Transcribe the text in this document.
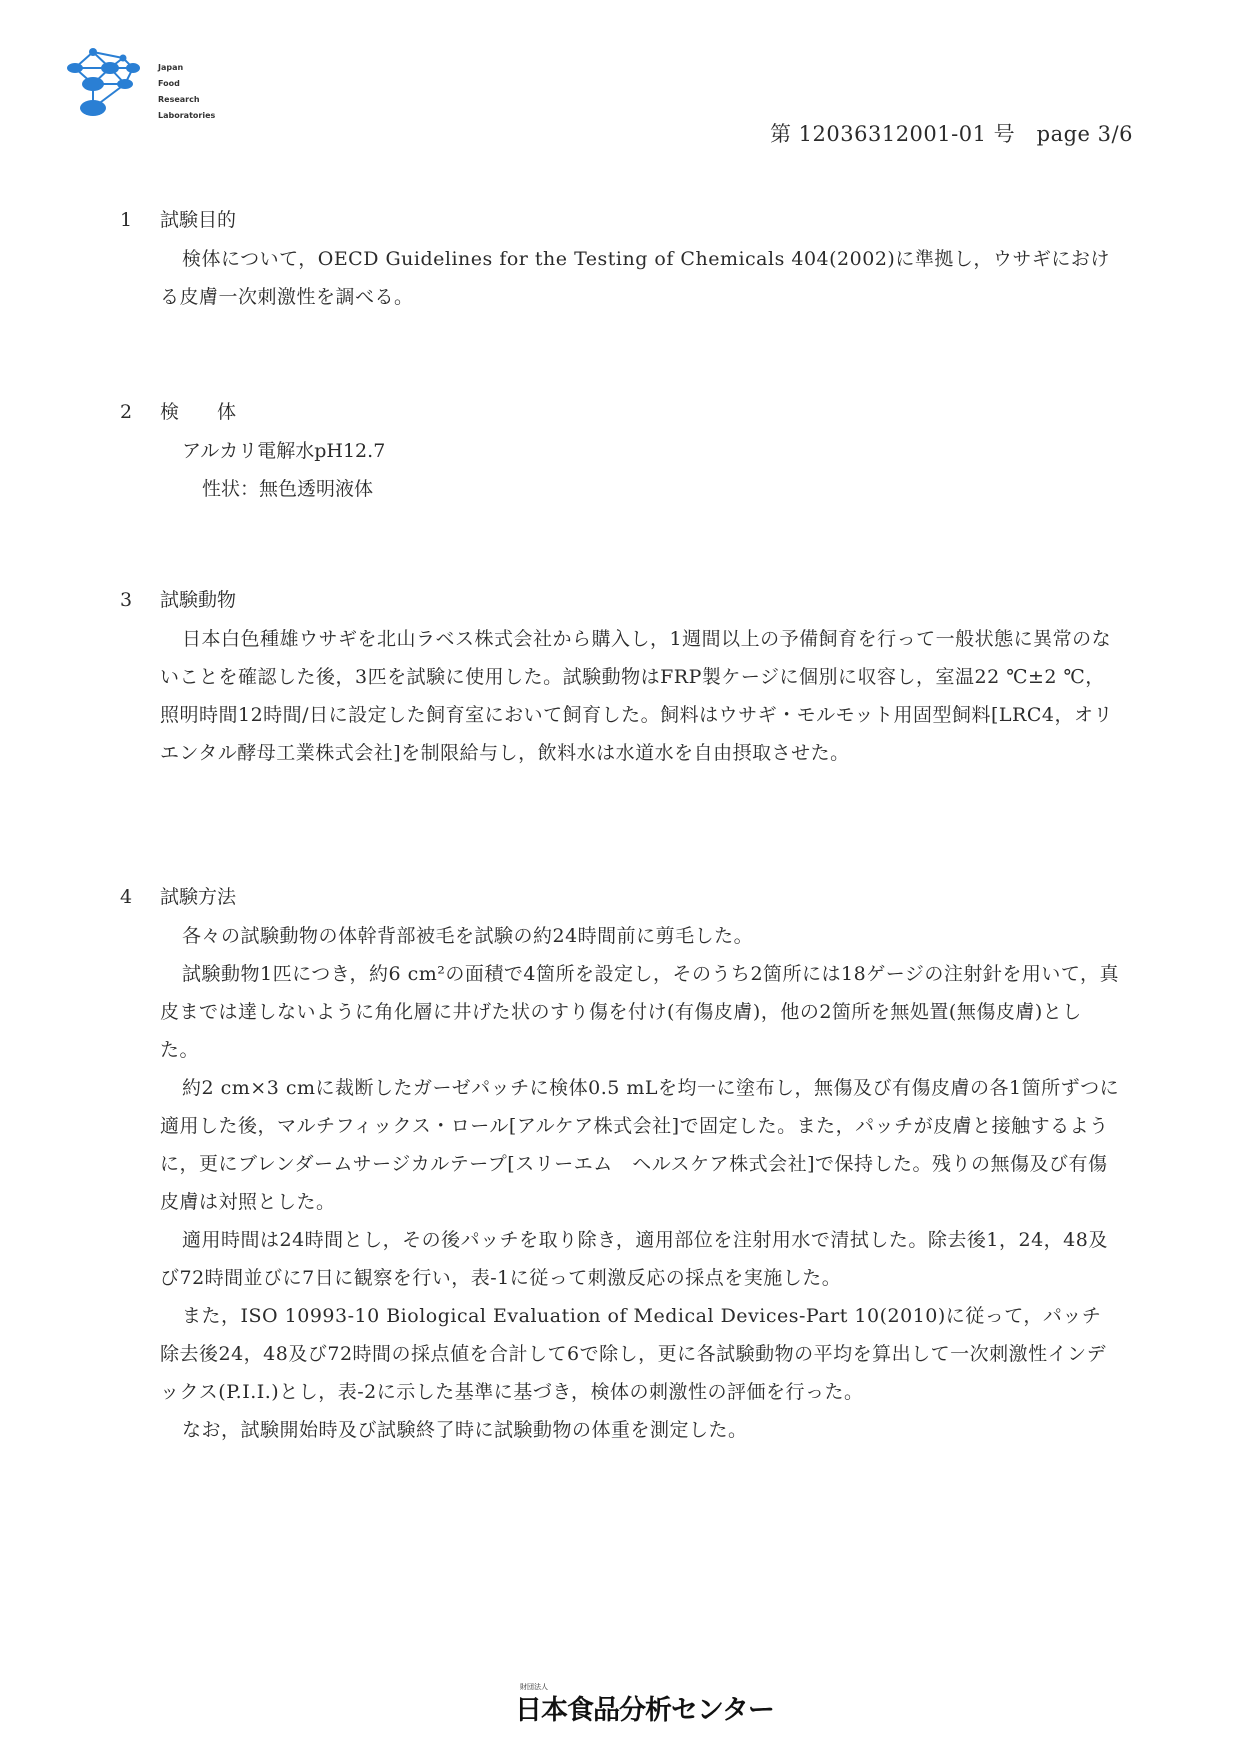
Japan
Food
Research
Laboratories
第 12036312001-01 号　page 3/6
1 試験目的

検体について，OECD Guidelines for the Testing of Chemicals 404(2002)に準拠し，ウサギにおける皮膚一次刺激性を調べる。

2 検　　体

アルカリ電解水pH12.7

性状：無色透明液体

3 試験動物

日本白色種雄ウサギを北山ラベス株式会社から購入し，1週間以上の予備飼育を行って一般状態に異常のないことを確認した後，3匹を試験に使用した。試験動物はFRP製ケージに個別に収容し，室温22 ℃±2 ℃，照明時間12時間/日に設定した飼育室において飼育した。飼料はウサギ・モルモット用固型飼料[LRC4，オリエンタル酵母工業株式会社]を制限給与し，飲料水は水道水を自由摂取させた。

4 試験方法

各々の試験動物の体幹背部被毛を試験の約24時間前に剪毛した。

試験動物1匹につき，約6 cm²の面積で4箇所を設定し，そのうち2箇所には18ゲージの注射針を用いて，真皮までは達しないように角化層に井げた状のすり傷を付け(有傷皮膚)，他の2箇所を無処置(無傷皮膚)とした。

約2 cm×3 cmに裁断したガーゼパッチに検体0.5 mLを均一に塗布し，無傷及び有傷皮膚の各1箇所ずつに適用した後，マルチフィックス・ロール[アルケア株式会社]で固定した。また，パッチが皮膚と接触するように，更にブレンダームサージカルテープ[スリーエム　ヘルスケア株式会社]で保持した。残りの無傷及び有傷皮膚は対照とした。

適用時間は24時間とし，その後パッチを取り除き，適用部位を注射用水で清拭した。除去後1，24，48及び72時間並びに7日に観察を行い，表-1に従って刺激反応の採点を実施した。

また，ISO 10993-10 Biological Evaluation of Medical Devices-Part 10(2010)に従って，パッチ除去後24，48及び72時間の採点値を合計して6で除し，更に各試験動物の平均を算出して一次刺激性インデックス(P.I.I.)とし，表-2に示した基準に基づき，検体の刺激性の評価を行った。

なお，試験開始時及び試験終了時に試験動物の体重を測定した。

財団法人
日本食品分析センター
